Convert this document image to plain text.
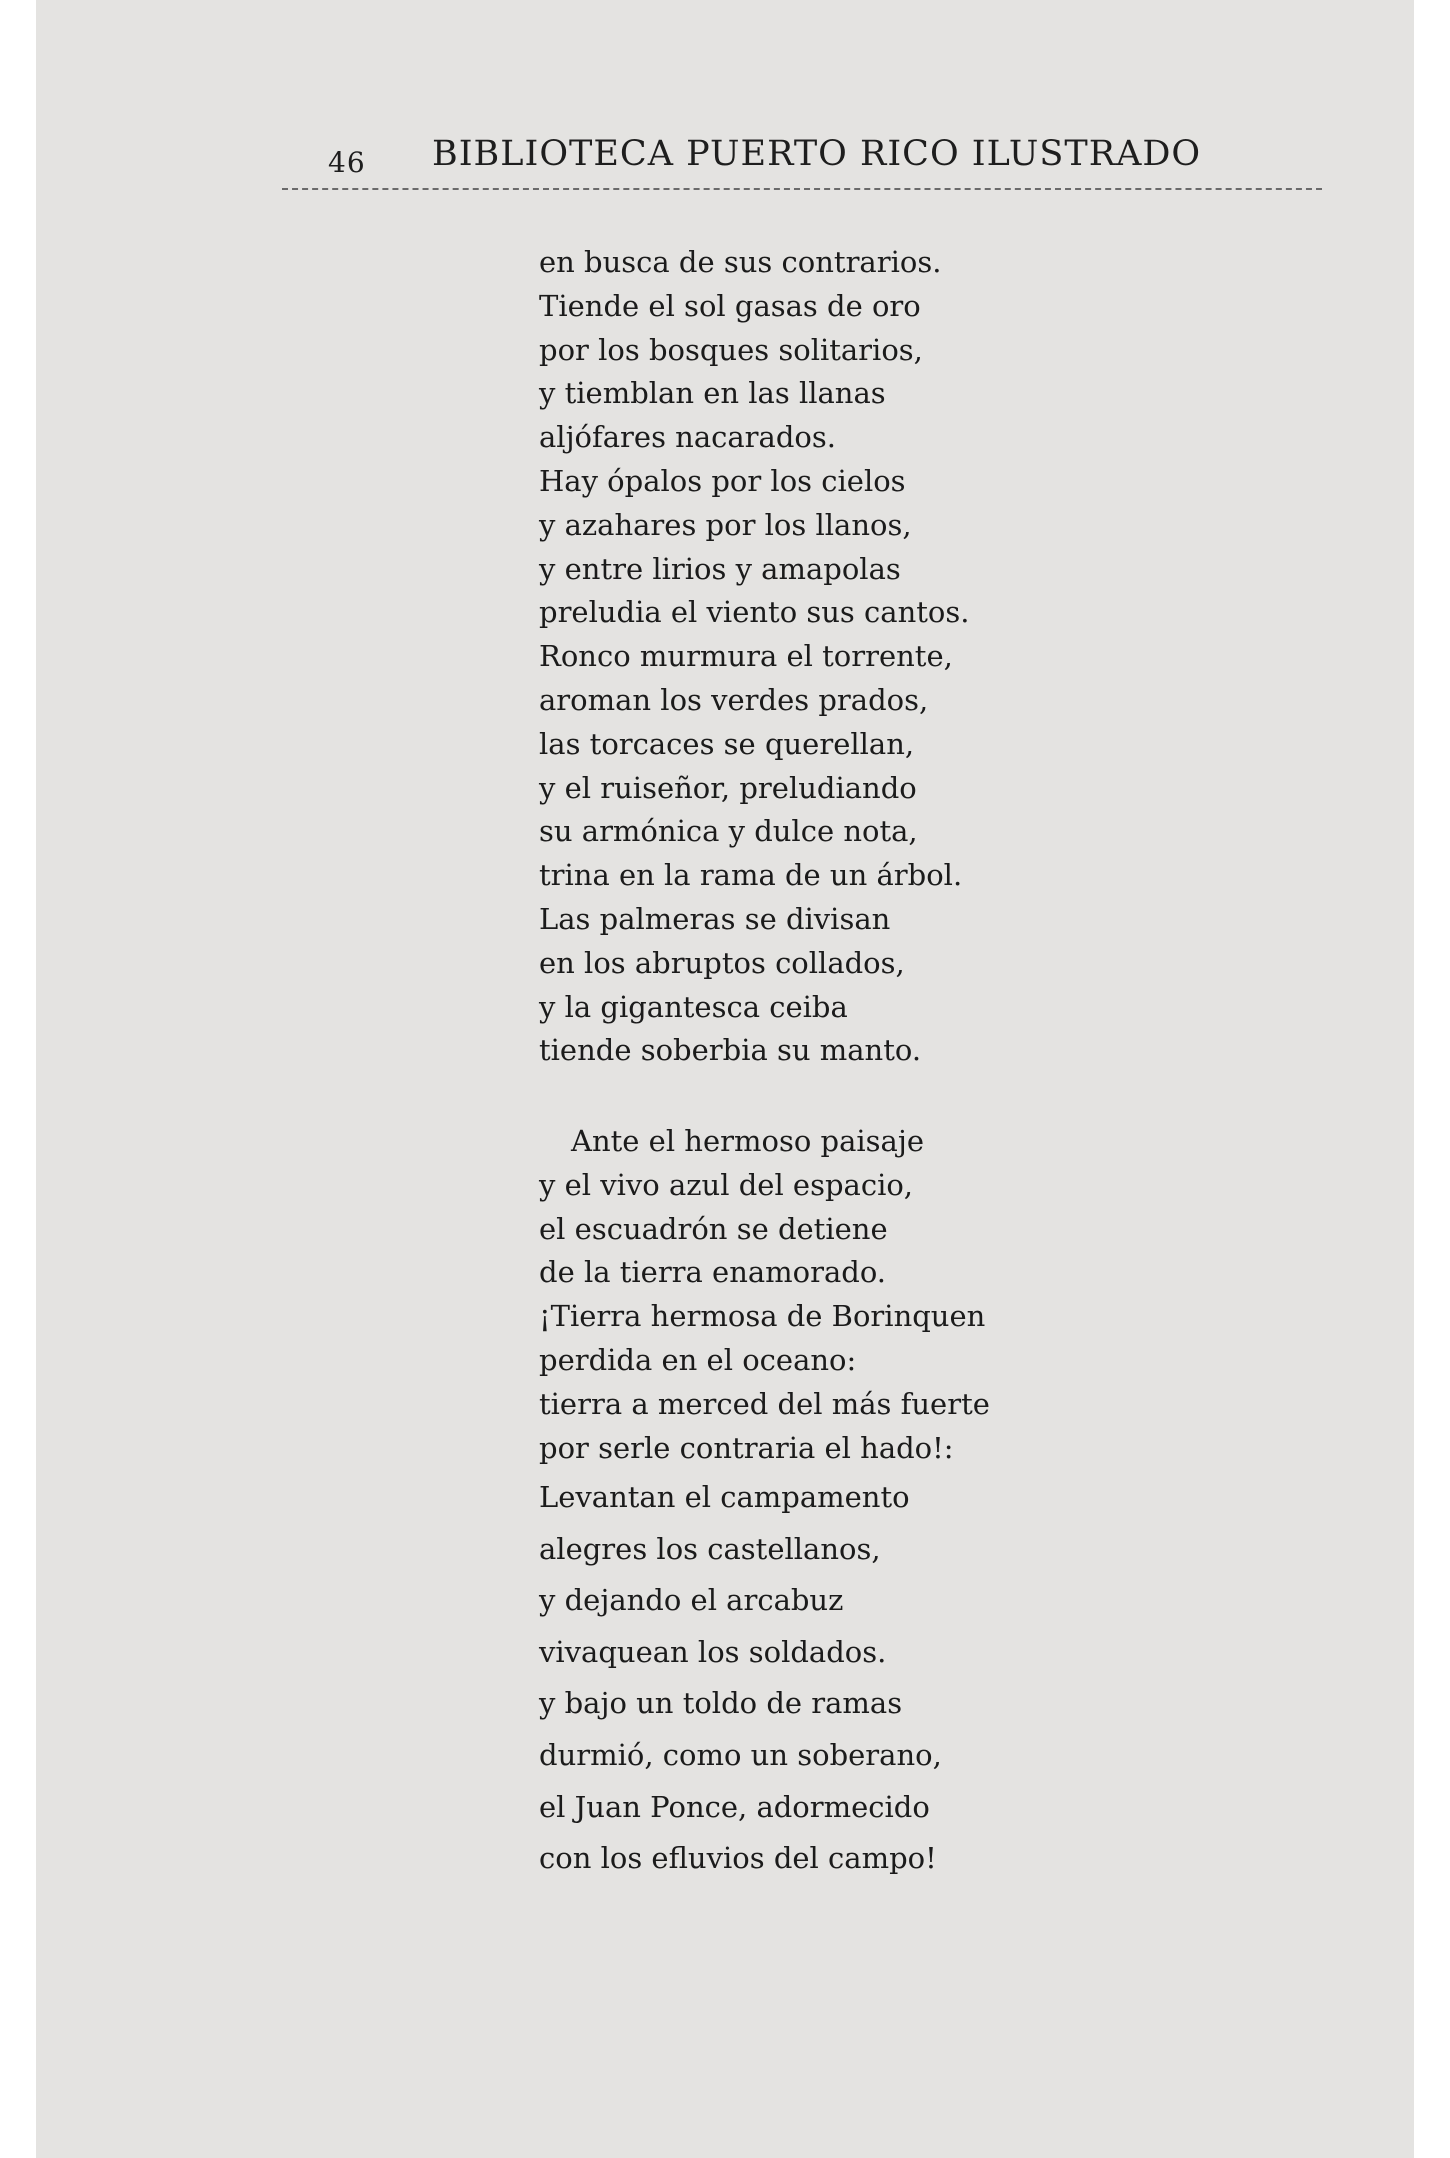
46 BIBLIOTECA PUERTO RICO ILUSTRADO
en busca de sus contrarios.
Tiende el sol gasas de oro
por los bosques solitarios,
y tiemblan en las llanas
aljófares nacarados.
Hay ópalos por los cielos
y azahares por los llanos,
y entre lirios y amapolas
preludia el viento sus cantos.
Ronco murmura el torrente,
aroman los verdes prados,
las torcaces se querellan,
y el ruiseñor, preludiando
su armónica y dulce nota,
trina en la rama de un árbol.
Las palmeras se divisan
en los abruptos collados,
y la gigantesca ceiba
tiende soberbia su manto.
Ante el hermoso paisaje
y el vivo azul del espacio,
el escuadrón se detiene
de la tierra enamorado.
¡Tierra hermosa de Borinquen
perdida en el oceano:
tierra a merced del más fuerte
por serle contraria el hado!:
Levantan el campamento
alegres los castellanos,
y dejando el arcabuz
vivaquean los soldados.
y bajo un toldo de ramas
durmió, como un soberano,
el Juan Ponce, adormecido
con los efluvios del campo!
